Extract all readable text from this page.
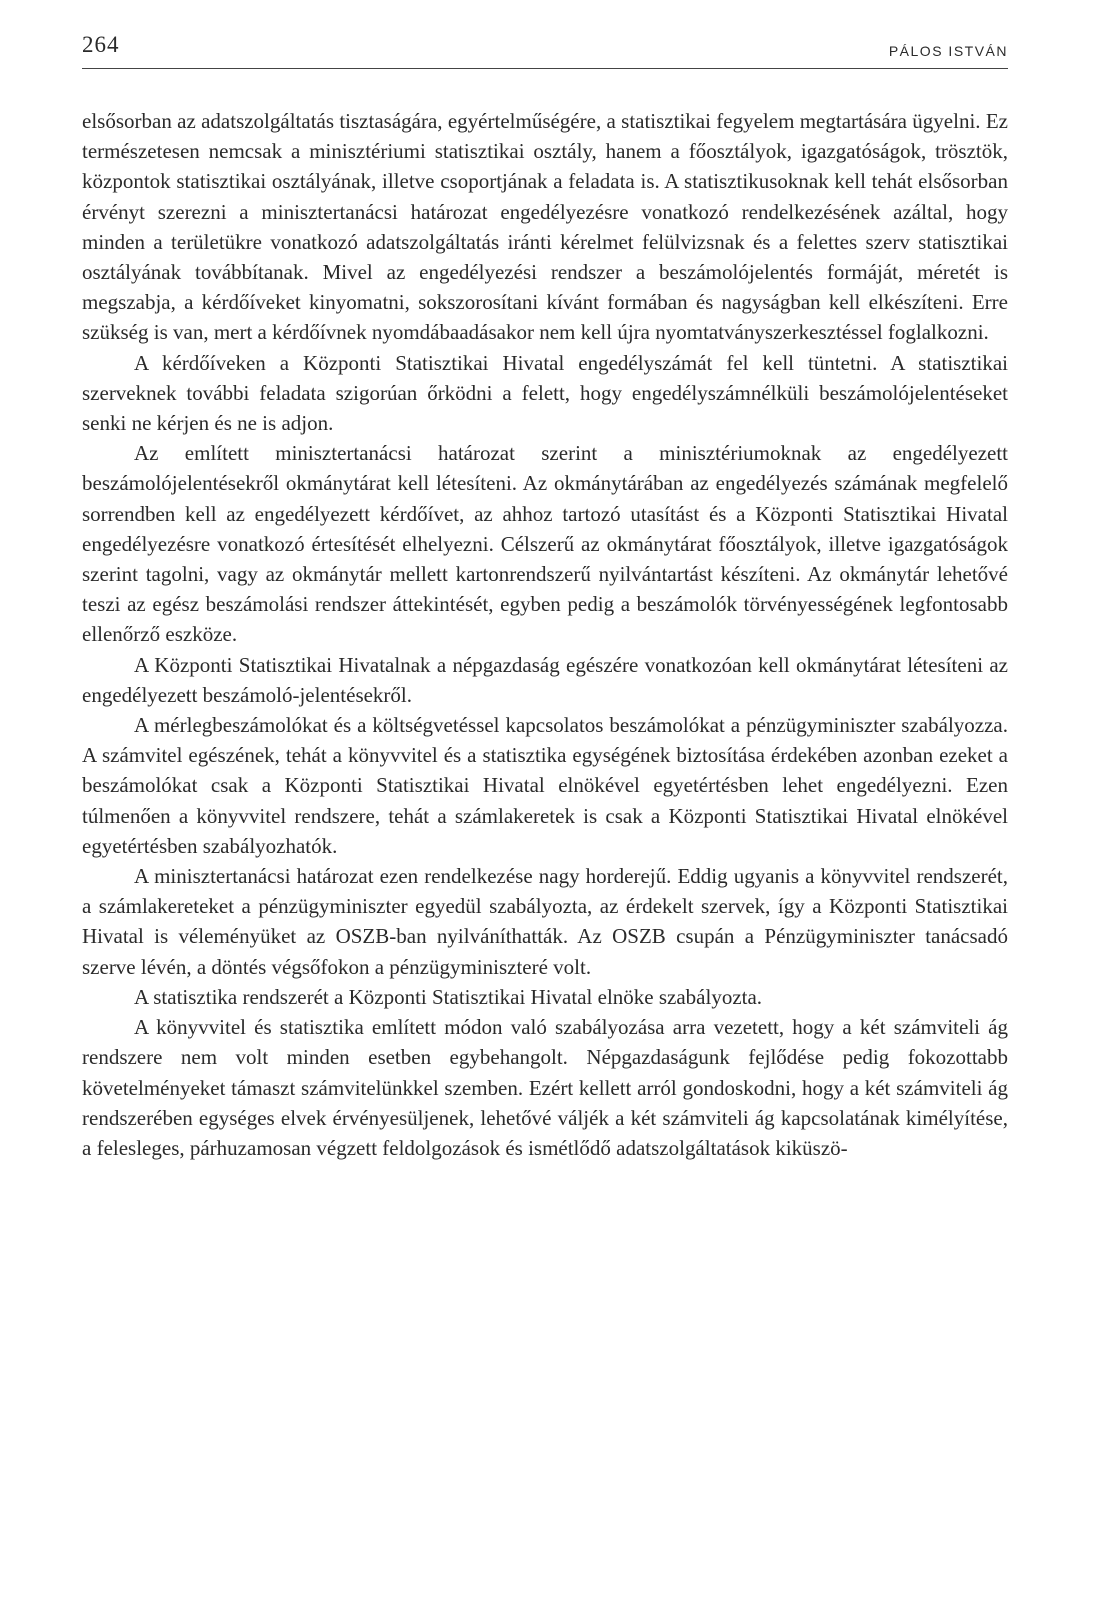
264	PÁLOS ISTVÁN

elsősorban az adatszolgáltatás tisztaságára, egyértelműségére, a statisztikai fegyelem megtartására ügyelni. Ez természetesen nemcsak a minisztériumi statisztikai osztály, hanem a főosztályok, igazgatóságok, trösztök, központok statisztikai osztályának, illetve csoportjának a feladata is. A statisztikusoknak kell tehát elsősorban érvényt szerezni a minisztertanácsi határozat engedélyezésre vonatkozó rendelkezésének azáltal, hogy minden a területükre vonatkozó adatszolgáltatás iránti kérelmet felülvizsnak és a felettes szerv statisztikai osztályának továbbítanak. Mivel az engedélyezési rendszer a beszámolójelentés formáját, méretét is megszabja, a kérdőíveket kinyomatni, sokszorosítani kívánt formában és nagyságban kell elkészíteni. Erre szükség is van, mert a kérdőívnek nyomdábaadásakor nem kell újra nyomtatványszerkesztéssel foglalkozni.

A kérdőíveken a Központi Statisztikai Hivatal engedélyszámát fel kell tüntetni. A statisztikai szerveknek további feladata szigorúan őrködni a felett, hogy engedélyszámnélküli beszámolójelentéseket senki ne kérjen és ne is adjon.

Az említett minisztertanácsi határozat szerint a minisztériumoknak az engedélyezett beszámolójelentésekről okmánytárat kell létesíteni. Az okmánytárában az engedélyezés számának megfelelő sorrendben kell az engedélyezett kérdőívet, az ahhoz tartozó utasítást és a Központi Statisztikai Hivatal engedélyezésre vonatkozó értesítését elhelyezni. Célszerű az okmánytárat főosztályok, illetve igazgatóságok szerint tagolni, vagy az okmánytár mellett kartonrendszerű nyilvántartást készíteni. Az okmánytár lehetővé teszi az egész beszámolási rendszer áttekintését, egyben pedig a beszámolók törvényességének legfontosabb ellenőrző eszköze.

A Központi Statisztikai Hivatalnak a népgazdaság egészére vonatkozóan kell okmánytárat létesíteni az engedélyezett beszámoló-jelentésekről.

A mérlegbeszámolókat és a költségvetéssel kapcsolatos beszámolókat a pénzügyminiszter szabályozza. A számvitel egészének, tehát a könyvvitel és a statisztika egységének biztosítása érdekében azonban ezeket a beszámolókat csak a Központi Statisztikai Hivatal elnökével egyetértésben lehet engedélyezni. Ezen túlmenően a könyvvitel rendszere, tehát a számlakeretek is csak a Központi Statisztikai Hivatal elnökével egyetértésben szabályozhatók.

A minisztertanácsi határozat ezen rendelkezése nagy horderejű. Eddig ugyanis a könyvvitel rendszerét, a számlakereteket a pénzügyminiszter egyedül szabályozta, az érdekelt szervek, így a Központi Statisztikai Hivatal is véleményüket az OSZB-ban nyilváníthatták. Az OSZB csupán a Pénzügyminiszter tanácsadó szerve lévén, a döntés végsőfokon a pénzügyminiszteré volt.

A statisztika rendszerét a Központi Statisztikai Hivatal elnöke szabályozta.

A könyvvitel és statisztika említett módon való szabályozása arra vezetett, hogy a két számviteli ág rendszere nem volt minden esetben egybehangolt. Népgazdaságunk fejlődése pedig fokozottabb követelményeket támaszt számvitelünkkel szemben. Ezért kellett arról gondoskodni, hogy a két számviteli ág rendszerében egységes elvek érvényesüljenek, lehetővé váljék a két számviteli ág kapcsolatának kimélyítése, a felesleges, párhuzamosan végzett feldolgozások és ismétlődő adatszolgáltatások kiküszö-
